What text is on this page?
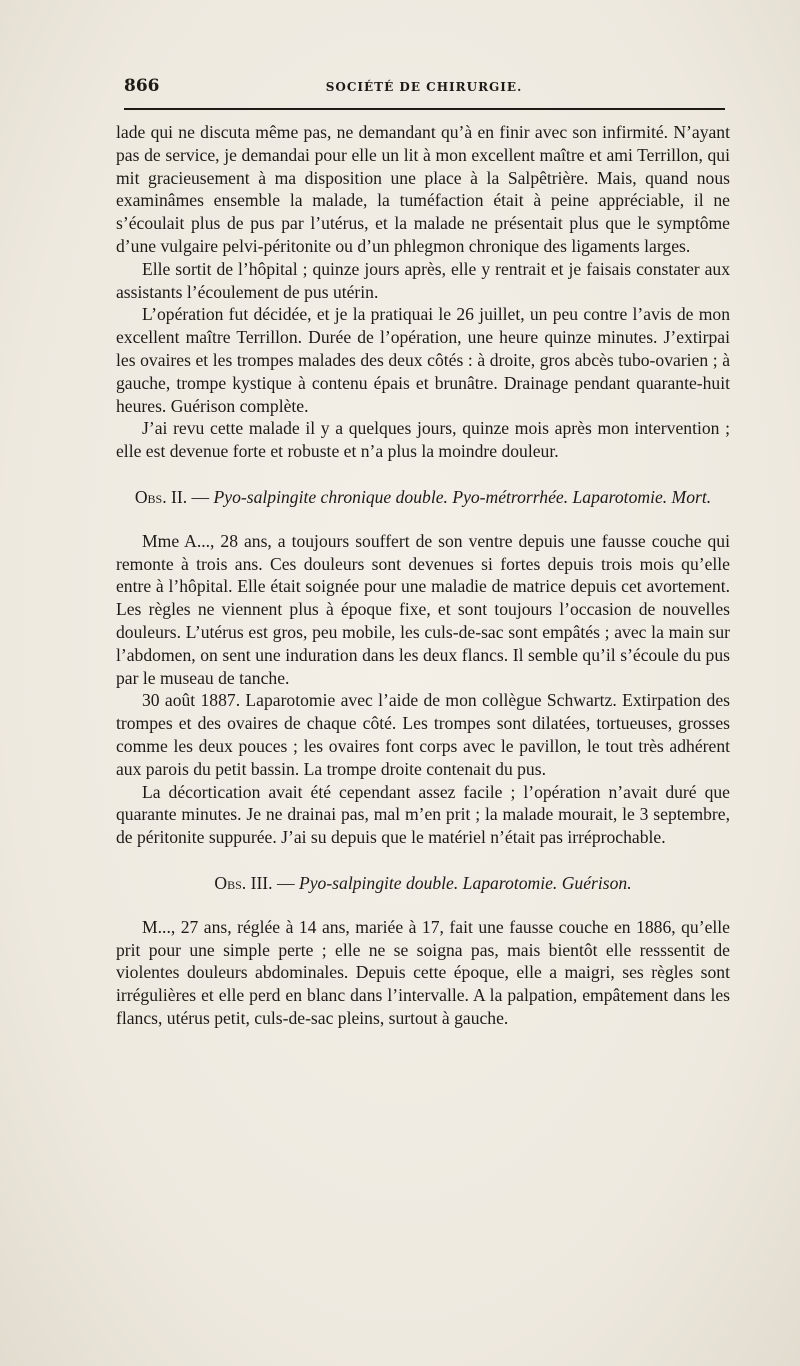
866	SOCIÉTÉ DE CHIRURGIE.

lade qui ne discuta même pas, ne demandant qu’à en finir avec son infirmité. N’ayant pas de service, je demandai pour elle un lit à mon excellent maître et ami Terrillon, qui mit gracieusement à ma disposition une place à la Salpêtrière. Mais, quand nous examinâmes ensemble la malade, la tuméfaction était à peine appréciable, il ne s’écoulait plus de pus par l’utérus, et la malade ne présentait plus que le symptôme d’une vulgaire pelvi-péritonite ou d’un phlegmon chronique des ligaments larges.

Elle sortit de l’hôpital ; quinze jours après, elle y rentrait et je faisais constater aux assistants l’écoulement de pus utérin.

L’opération fut décidée, et je la pratiquai le 26 juillet, un peu contre l’avis de mon excellent maître Terrillon. Durée de l’opération, une heure quinze minutes. J’extirpai les ovaires et les trompes malades des deux côtés : à droite, gros abcès tubo-ovarien ; à gauche, trompe kystique à contenu épais et brunâtre. Drainage pendant quarante-huit heures. Guérison complète.

J’ai revu cette malade il y a quelques jours, quinze mois après mon intervention ; elle est devenue forte et robuste et n’a plus la moindre douleur.

Obs. II. — Pyo-salpingite chronique double. Pyo-métrorrhée. Laparotomie. Mort.

Mme A..., 28 ans, a toujours souffert de son ventre depuis une fausse couche qui remonte à trois ans. Ces douleurs sont devenues si fortes depuis trois mois qu’elle entre à l’hôpital. Elle était soignée pour une maladie de matrice depuis cet avortement. Les règles ne viennent plus à époque fixe, et sont toujours l’occasion de nouvelles douleurs. L’utérus est gros, peu mobile, les culs-de-sac sont empâtés ; avec la main sur l’abdomen, on sent une induration dans les deux flancs. Il semble qu’il s’écoule du pus par le museau de tanche.

30 août 1887. Laparotomie avec l’aide de mon collègue Schwartz. Extirpation des trompes et des ovaires de chaque côté. Les trompes sont dilatées, tortueuses, grosses comme les deux pouces ; les ovaires font corps avec le pavillon, le tout très adhérent aux parois du petit bassin. La trompe droite contenait du pus.

La décortication avait été cependant assez facile ; l’opération n’avait duré que quarante minutes. Je ne drainai pas, mal m’en prit ; la malade mourait, le 3 septembre, de péritonite suppurée. J’ai su depuis que le matériel n’était pas irréprochable.

Obs. III. — Pyo-salpingite double. Laparotomie. Guérison.

M..., 27 ans, réglée à 14 ans, mariée à 17, fait une fausse couche en 1886, qu’elle prit pour une simple perte ; elle ne se soigna pas, mais bientôt elle resssentit de violentes douleurs abdominales. Depuis cette époque, elle a maigri, ses règles sont irrégulières et elle perd en blanc dans l’intervalle. A la palpation, empâtement dans les flancs, utérus petit, culs-de-sac pleins, surtout à gauche.
